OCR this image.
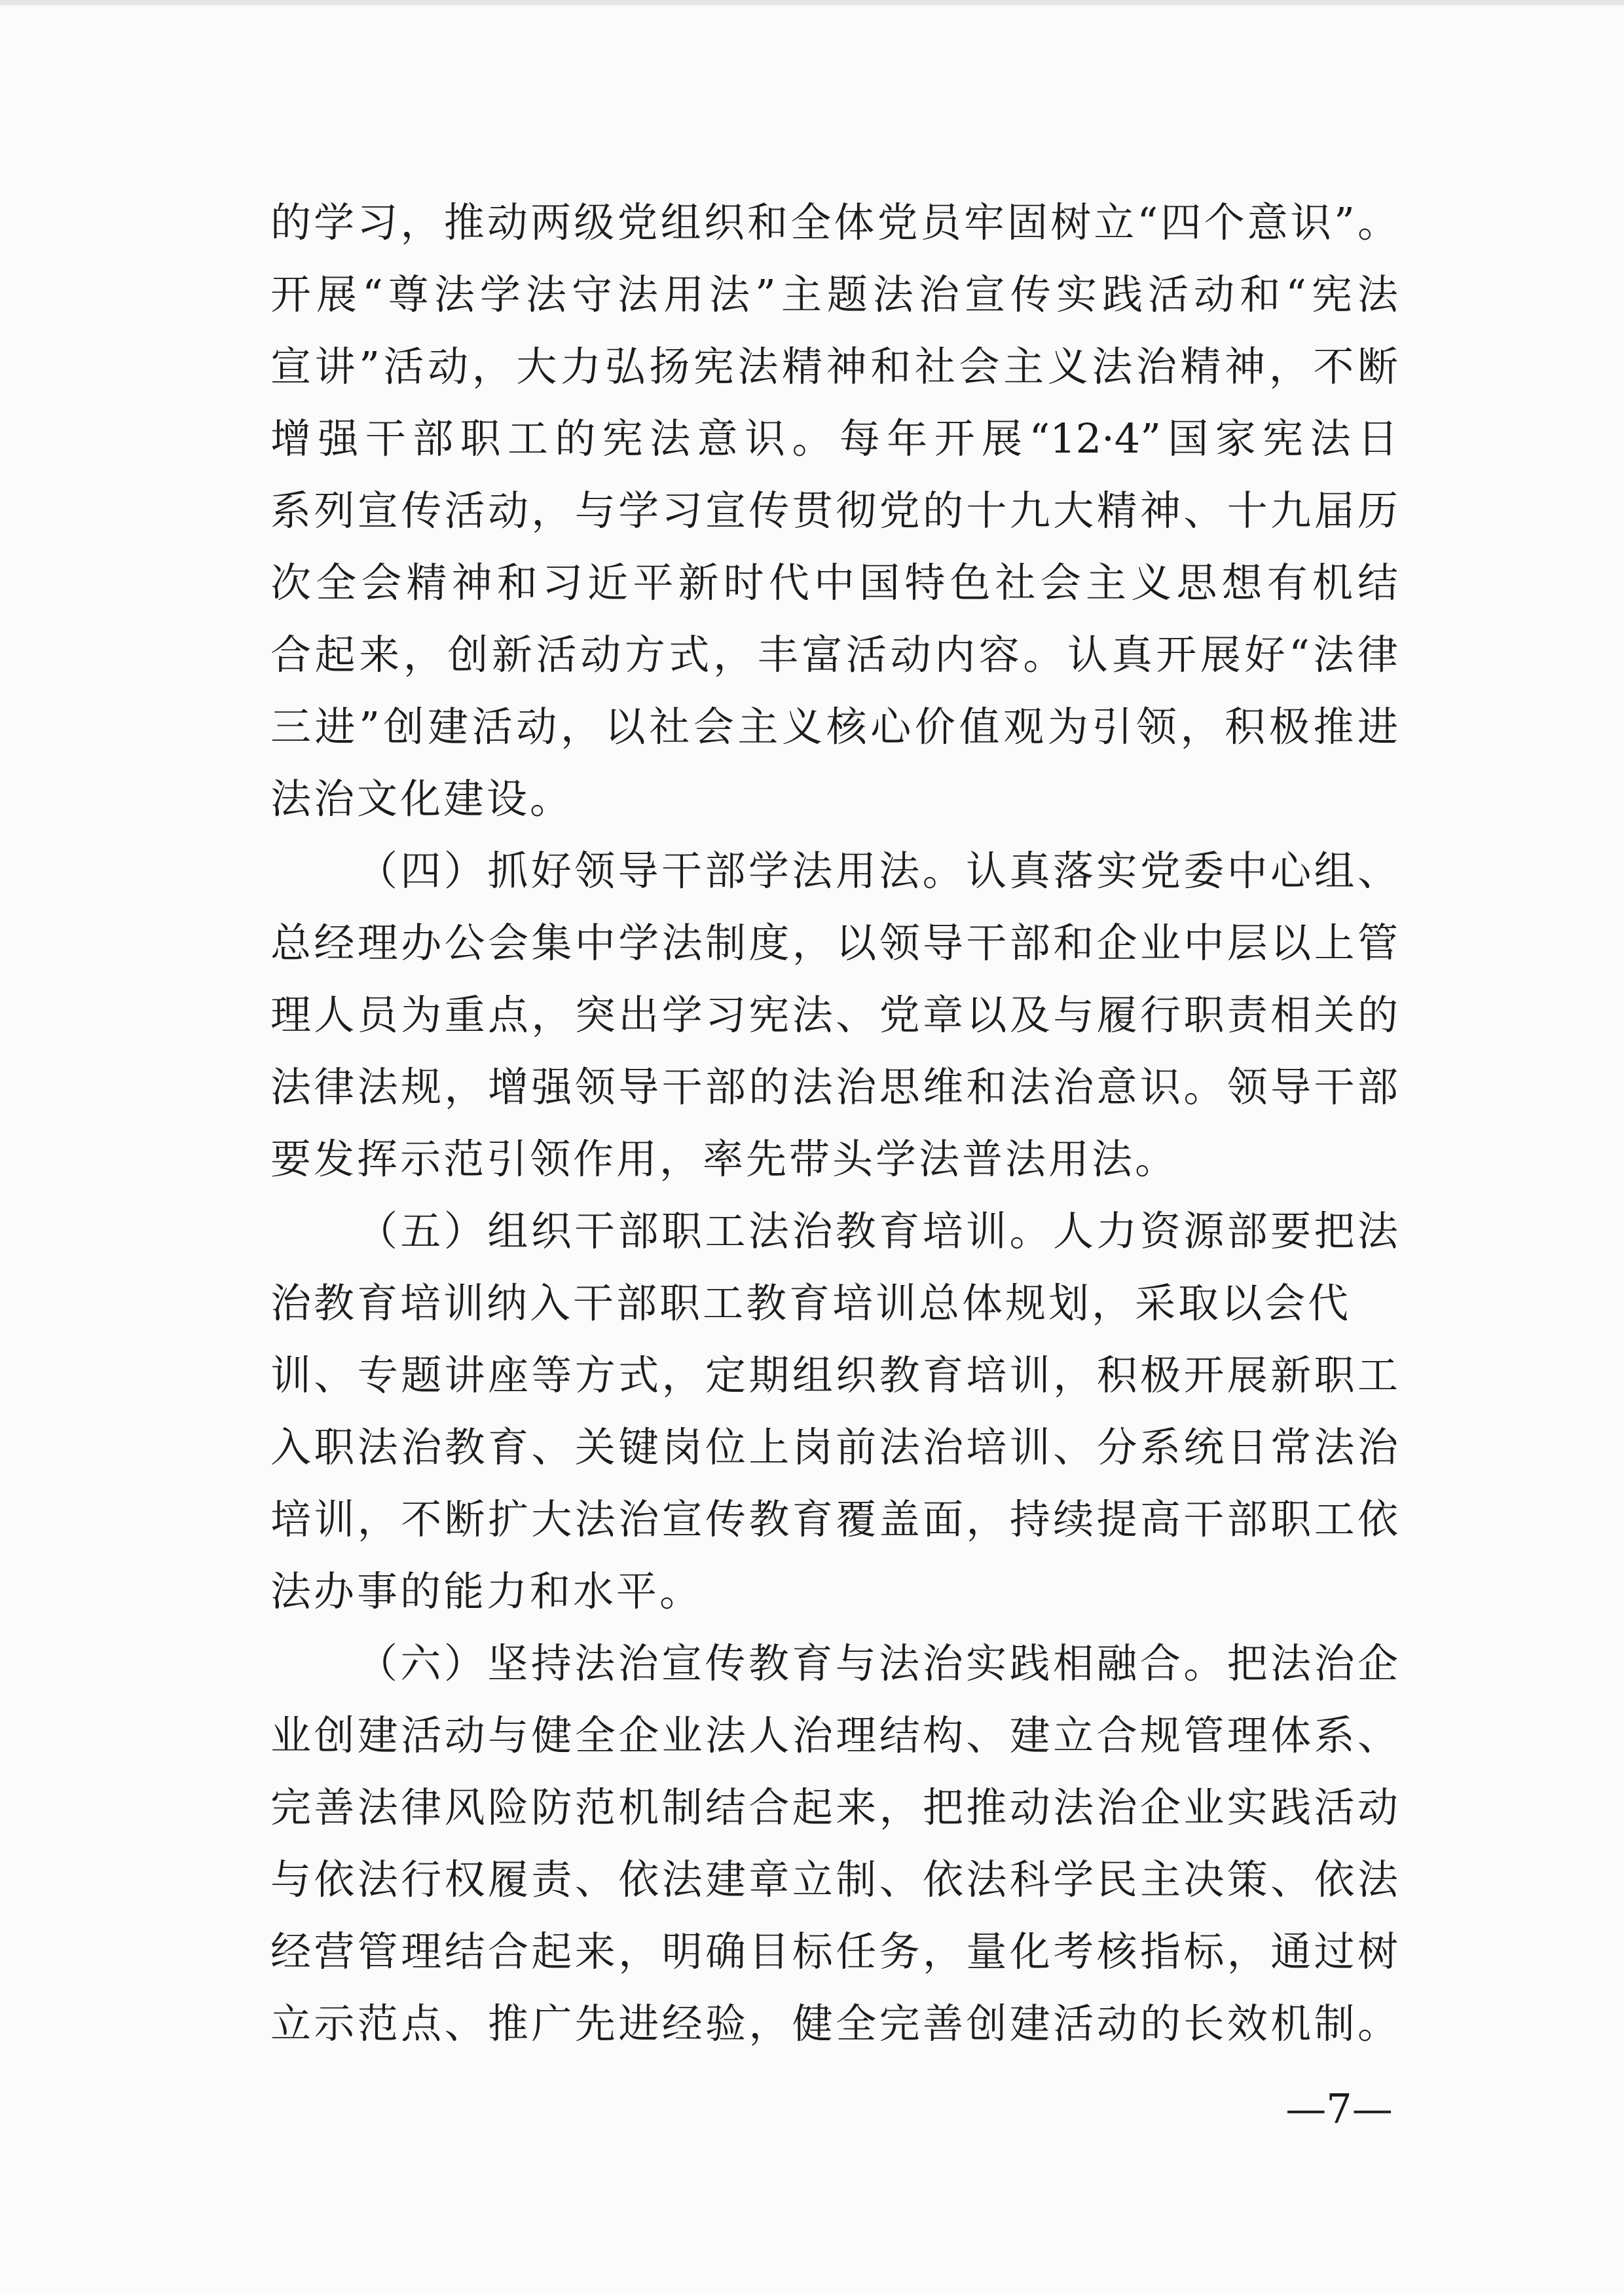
的学习，推动两级党组织和全体党员牢固树立“四个意识”。
开展“尊法学法守法用法”主题法治宣传实践活动和“宪法
宣讲”活动，大力弘扬宪法精神和社会主义法治精神，不断
增强干部职工的宪法意识。每年开展“12·4”国家宪法日
系列宣传活动，与学习宣传贯彻党的十九大精神、十九届历
次全会精神和习近平新时代中国特色社会主义思想有机结
合起来，创新活动方式，丰富活动内容。认真开展好“法律
三进”创建活动，以社会主义核心价值观为引领，积极推进
法治文化建设。
（四）抓好领导干部学法用法。认真落实党委中心组、
总经理办公会集中学法制度，以领导干部和企业中层以上管
理人员为重点，突出学习宪法、党章以及与履行职责相关的
法律法规，增强领导干部的法治思维和法治意识。领导干部
要发挥示范引领作用，率先带头学法普法用法。
（五）组织干部职工法治教育培训。人力资源部要把法
治教育培训纳入干部职工教育培训总体规划，采取以会代
训、专题讲座等方式，定期组织教育培训，积极开展新职工
入职法治教育、关键岗位上岗前法治培训、分系统日常法治
培训，不断扩大法治宣传教育覆盖面，持续提高干部职工依
法办事的能力和水平。
（六）坚持法治宣传教育与法治实践相融合。把法治企
业创建活动与健全企业法人治理结构、建立合规管理体系、
完善法律风险防范机制结合起来，把推动法治企业实践活动
与依法行权履责、依法建章立制、依法科学民主决策、依法
经营管理结合起来，明确目标任务，量化考核指标，通过树
立示范点、推广先进经验，健全完善创建活动的长效机制。
—7—
